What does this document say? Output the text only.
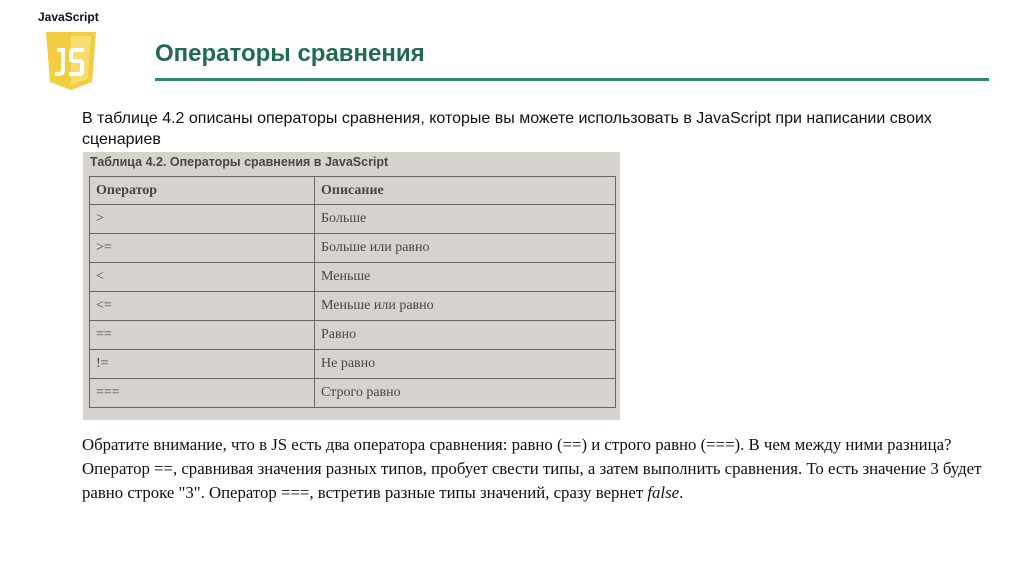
JavaScript
Операторы сравнения
В таблице 4.2 описаны операторы сравнения, которые вы можете использовать в JavaScript при написании своих сценариев
Таблица 4.2. Операторы сравнения в JavaScript
Оператор	Описание
>	Больше
>=	Больше или равно
<	Меньше
<=	Меньше или равно
==	Равно
!=	Не равно
===	Строго равно
Обратите внимание, что в JS есть два оператора сравнения: равно (==) и строго равно (===). В чем между ними разница? Оператор ==, сравнивая значения разных типов, пробует свести типы, а затем выполнить сравнения. То есть значение 3 будет равно строке "3". Оператор ===, встретив разные типы значений, сразу вернет false.
